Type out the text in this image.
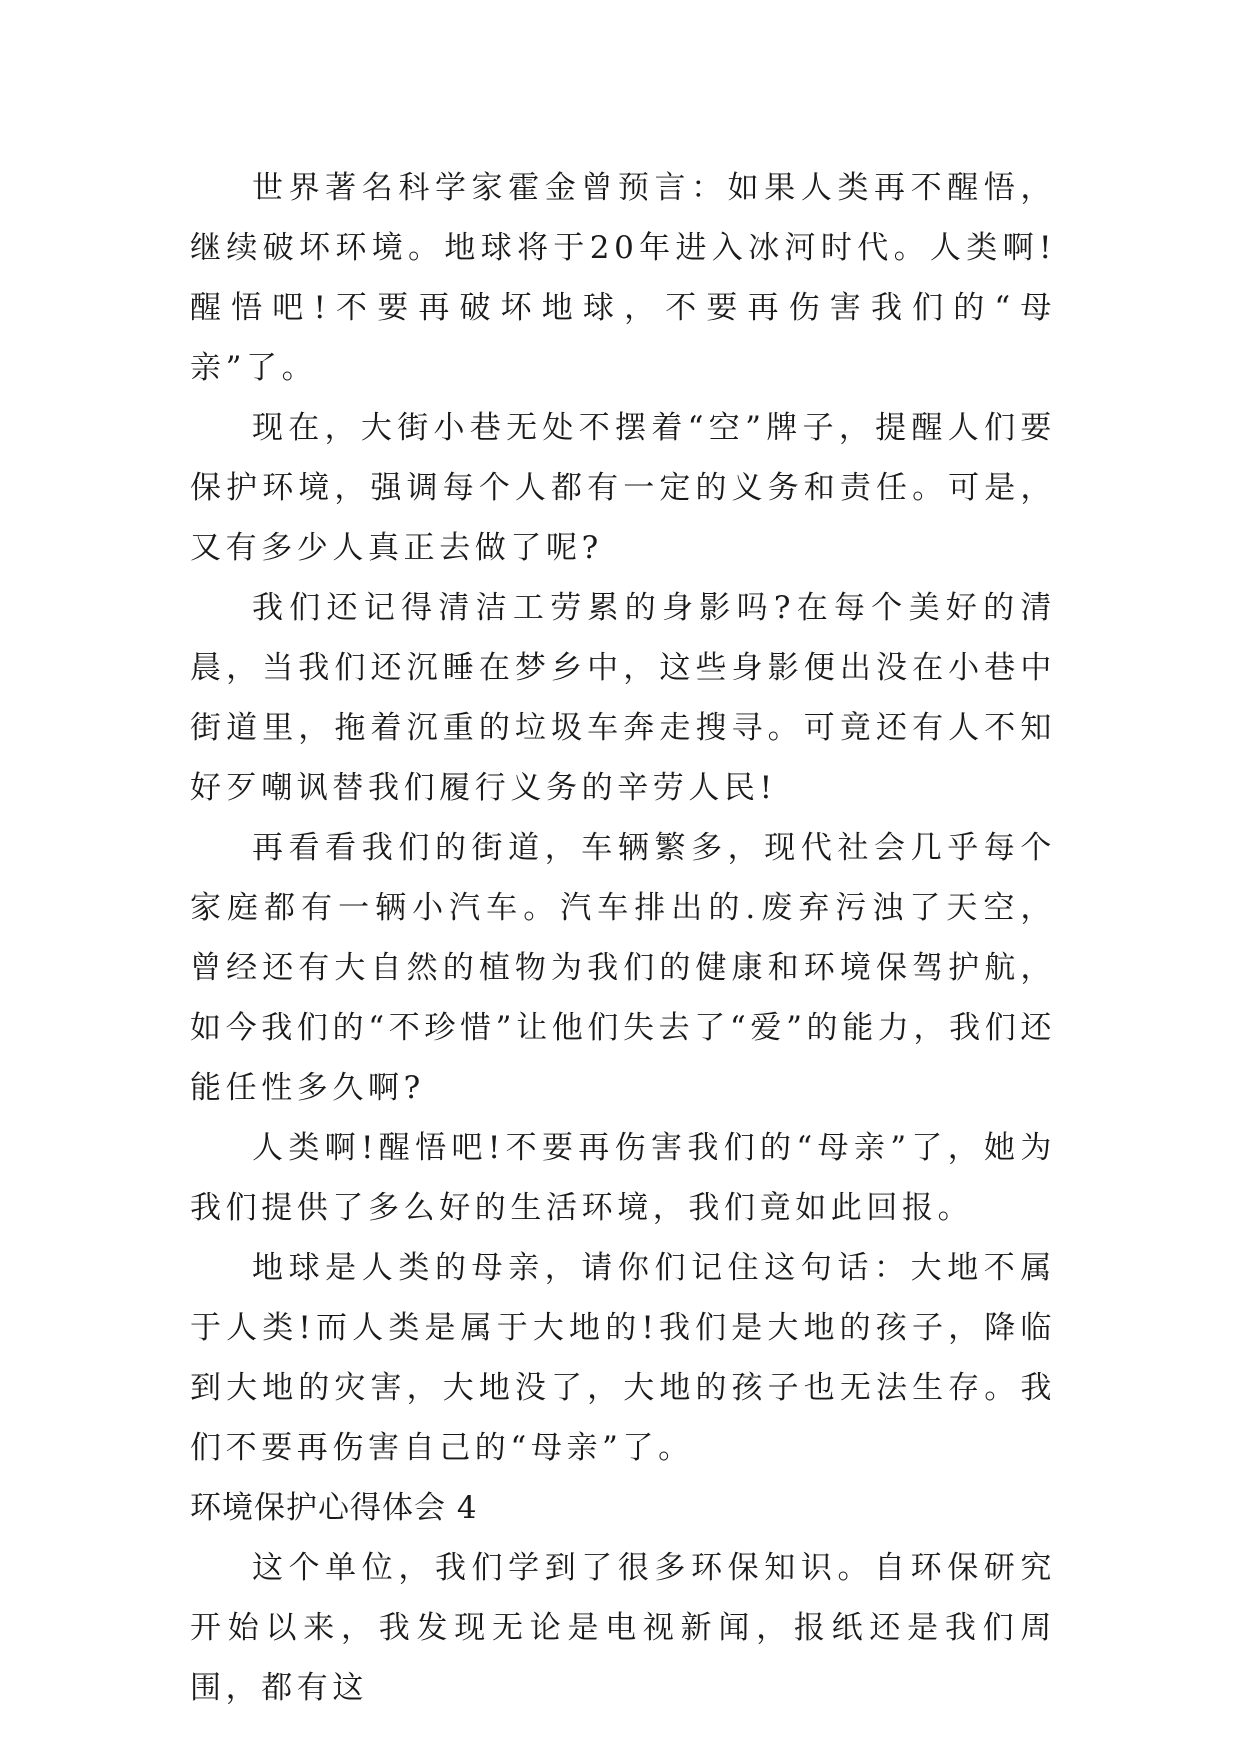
世界著名科学家霍金曾预言：如果人类再不醒悟，继续破坏环境。地球将于20年进入冰河时代。人类啊!醒悟吧!不要再破坏地球，不要再伤害我们的“母亲”了。

现在，大街小巷无处不摆着“空”牌子，提醒人们要保护环境，强调每个人都有一定的义务和责任。可是，又有多少人真正去做了呢?

我们还记得清洁工劳累的身影吗?在每个美好的清晨，当我们还沉睡在梦乡中，这些身影便出没在小巷中街道里，拖着沉重的垃圾车奔走搜寻。可竟还有人不知好歹嘲讽替我们履行义务的辛劳人民!

再看看我们的街道，车辆繁多，现代社会几乎每个家庭都有一辆小汽车。汽车排出的.废弃污浊了天空，曾经还有大自然的植物为我们的健康和环境保驾护航，如今我们的“不珍惜”让他们失去了“爱”的能力，我们还能任性多久啊?

人类啊!醒悟吧!不要再伤害我们的“母亲”了，她为我们提供了多么好的生活环境，我们竟如此回报。

地球是人类的母亲，请你们记住这句话：大地不属于人类!而人类是属于大地的!我们是大地的孩子，降临到大地的灾害，大地没了，大地的孩子也无法生存。我们不要再伤害自己的“母亲”了。

环境保护心得体会 4

这个单位，我们学到了很多环保知识。自环保研究开始以来，我发现无论是电视新闻，报纸还是我们周围，都有这
